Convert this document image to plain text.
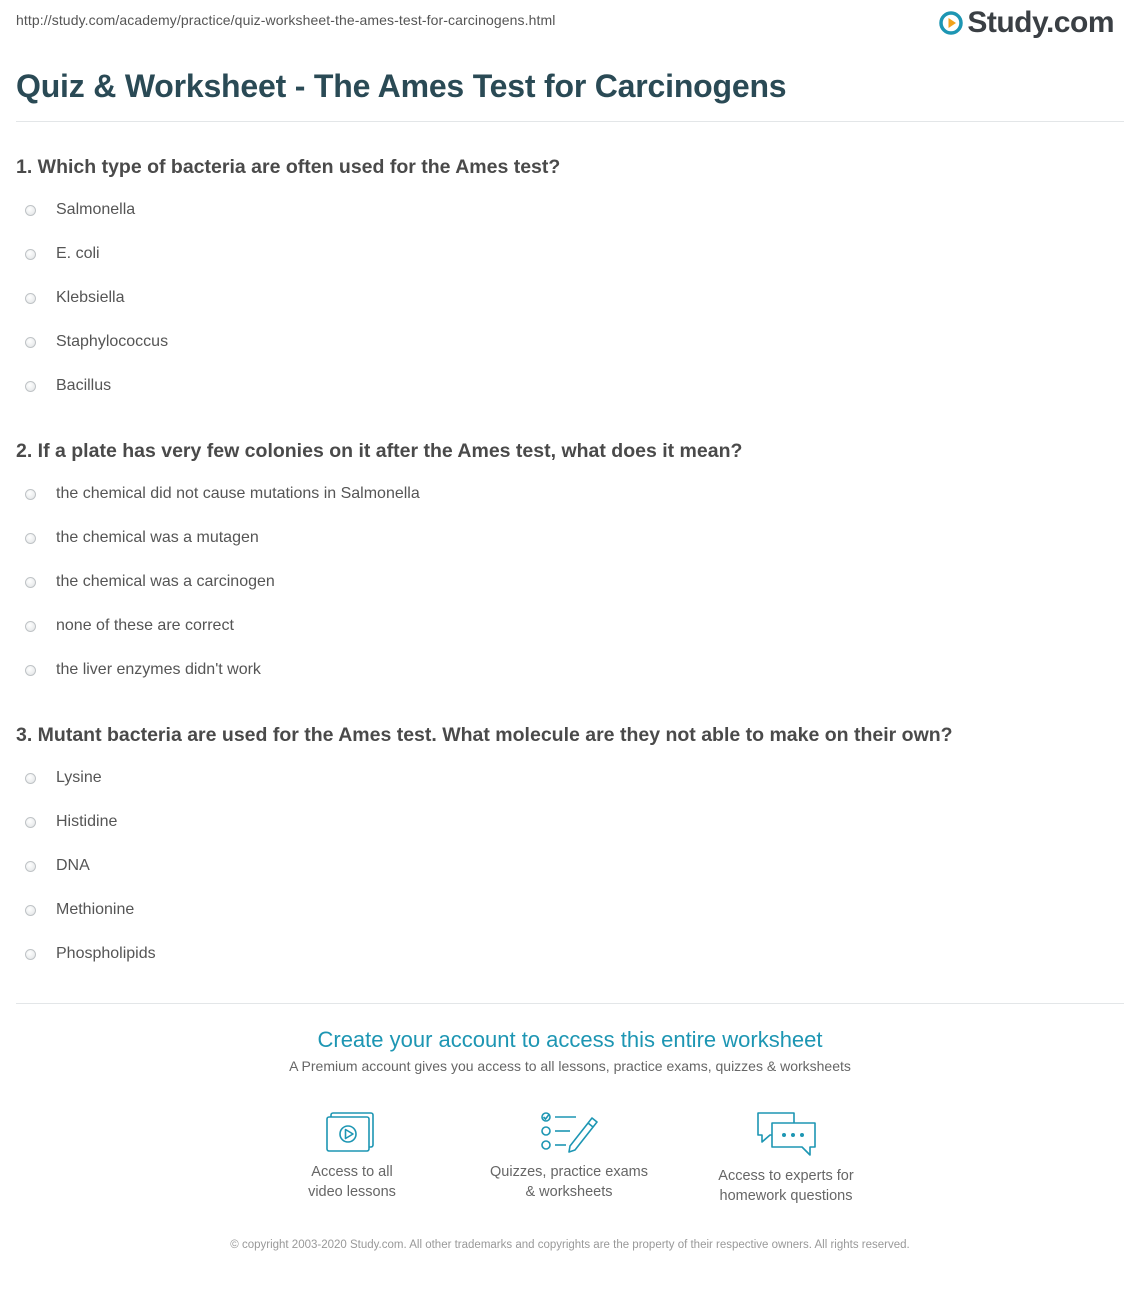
http://study.com/academy/practice/quiz-worksheet-the-ames-test-for-carcinogens.html	Study.com
Quiz & Worksheet - The Ames Test for Carcinogens

1. Which type of bacteria are often used for the Ames test?

Salmonella
E. coli
Klebsiella
Staphylococcus
Bacillus

2. If a plate has very few colonies on it after the Ames test, what does it mean?

the chemical did not cause mutations in Salmonella
the chemical was a mutagen
the chemical was a carcinogen
none of these are correct
the liver enzymes didn't work

3. Mutant bacteria are used for the Ames test. What molecule are they not able to make on their own?

Lysine
Histidine
DNA
Methionine
Phospholipids

Create your account to access this entire worksheet

A Premium account gives you access to all lessons, practice exams, quizzes & worksheets
Access to all
video lessons
Quizzes, practice exams
& worksheets
Access to experts for
homework questions
© copyright 2003-2020 Study.com. All other trademarks and copyrights are the property of their respective owners. All rights reserved.
